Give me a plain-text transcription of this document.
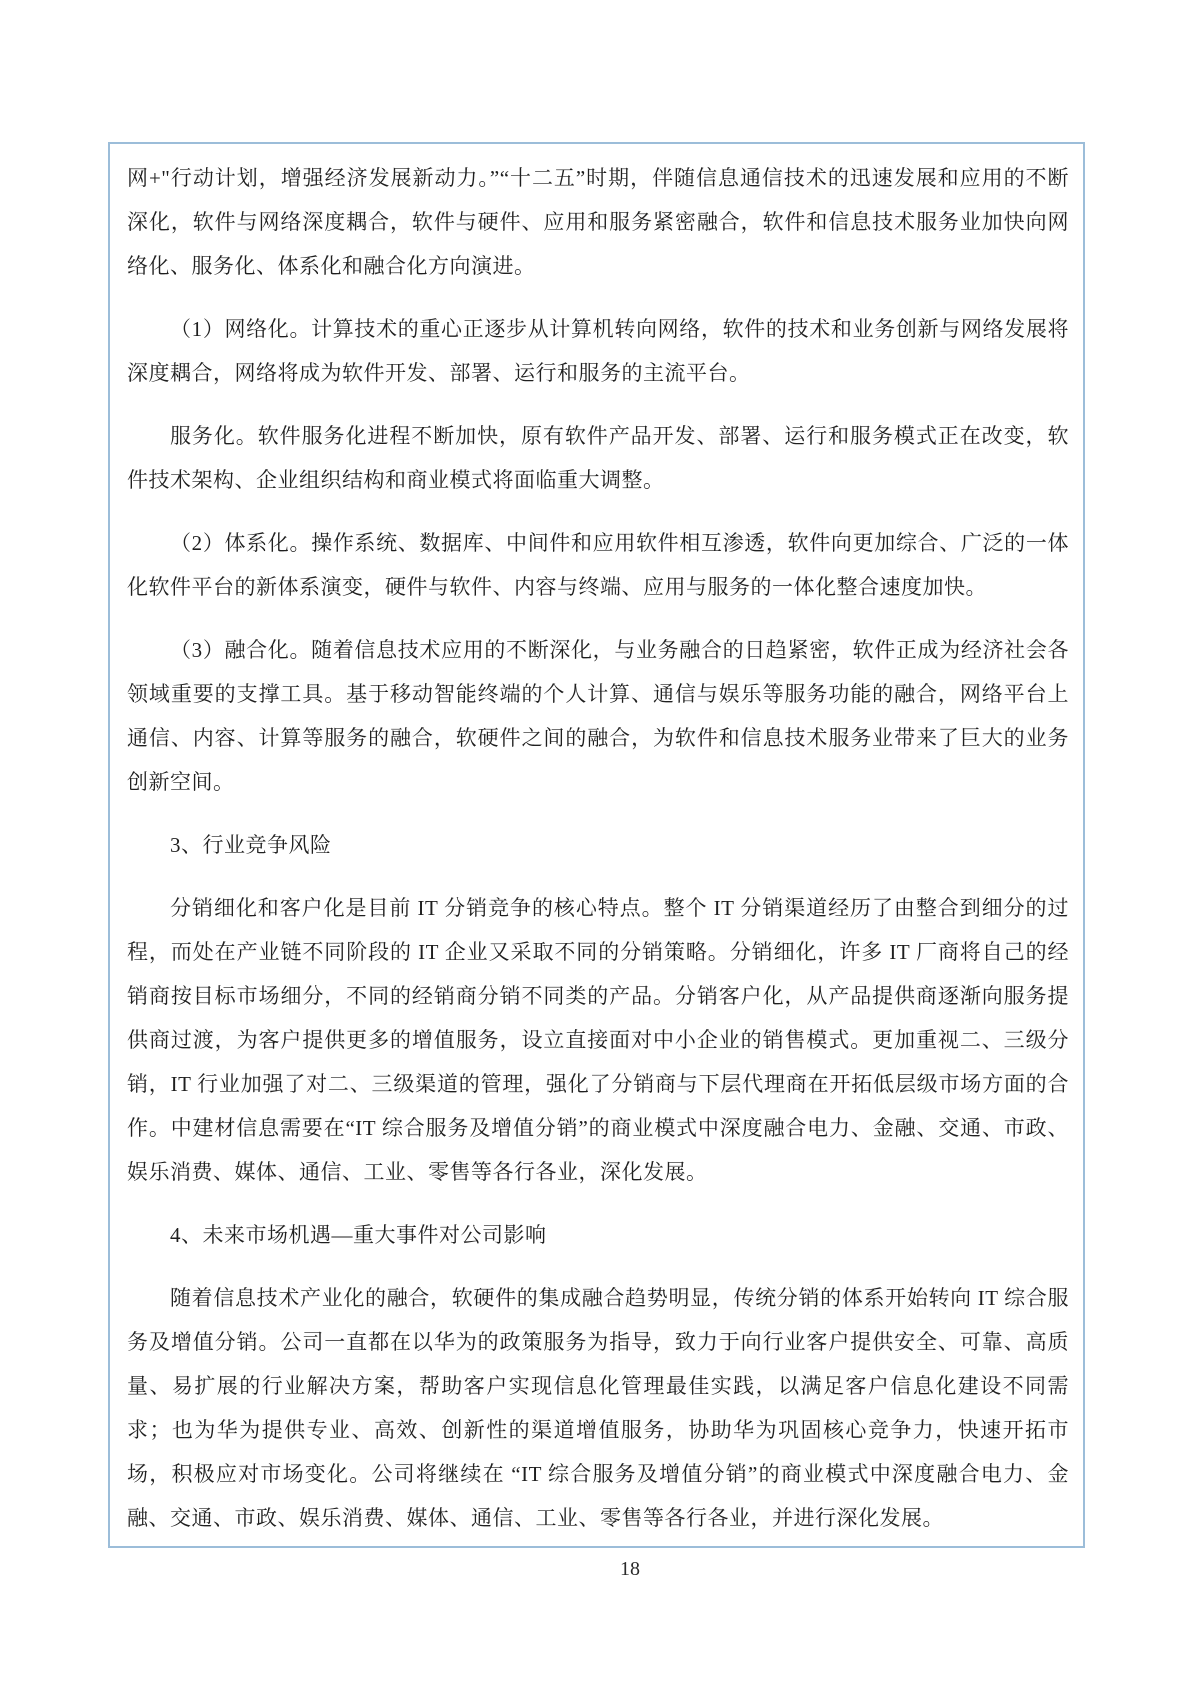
网+"行动计划，增强经济发展新动力。”“十二五”时期，伴随信息通信技术的迅速发展和应用的不断深化，软件与网络深度耦合，软件与硬件、应用和服务紧密融合，软件和信息技术服务业加快向网络化、服务化、体系化和融合化方向演进。

（1）网络化。计算技术的重心正逐步从计算机转向网络，软件的技术和业务创新与网络发展将深度耦合，网络将成为软件开发、部署、运行和服务的主流平台。

服务化。软件服务化进程不断加快，原有软件产品开发、部署、运行和服务模式正在改变，软件技术架构、企业组织结构和商业模式将面临重大调整。

（2）体系化。操作系统、数据库、中间件和应用软件相互渗透，软件向更加综合、广泛的一体化软件平台的新体系演变，硬件与软件、内容与终端、应用与服务的一体化整合速度加快。

（3）融合化。随着信息技术应用的不断深化，与业务融合的日趋紧密，软件正成为经济社会各领域重要的支撑工具。基于移动智能终端的个人计算、通信与娱乐等服务功能的融合，网络平台上通信、内容、计算等服务的融合，软硬件之间的融合，为软件和信息技术服务业带来了巨大的业务创新空间。

3、行业竞争风险

分销细化和客户化是目前 IT 分销竞争的核心特点。整个 IT 分销渠道经历了由整合到细分的过程，而处在产业链不同阶段的 IT 企业又采取不同的分销策略。分销细化，许多 IT 厂商将自己的经销商按目标市场细分，不同的经销商分销不同类的产品。分销客户化，从产品提供商逐渐向服务提供商过渡，为客户提供更多的增值服务，设立直接面对中小企业的销售模式。更加重视二、三级分销，IT 行业加强了对二、三级渠道的管理，强化了分销商与下层代理商在开拓低层级市场方面的合作。中建材信息需要在“IT 综合服务及增值分销”的商业模式中深度融合电力、金融、交通、市政、娱乐消费、媒体、通信、工业、零售等各行各业，深化发展。

4、未来市场机遇—重大事件对公司影响

随着信息技术产业化的融合，软硬件的集成融合趋势明显，传统分销的体系开始转向 IT 综合服务及增值分销。公司一直都在以华为的政策服务为指导，致力于向行业客户提供安全、可靠、高质量、易扩展的行业解决方案，帮助客户实现信息化管理最佳实践，以满足客户信息化建设不同需求；也为华为提供专业、高效、创新性的渠道增值服务，协助华为巩固核心竞争力，快速开拓市场，积极应对市场变化。公司将继续在 “IT 综合服务及增值分销”的商业模式中深度融合电力、金融、交通、市政、娱乐消费、媒体、通信、工业、零售等各行各业，并进行深化发展。

18
